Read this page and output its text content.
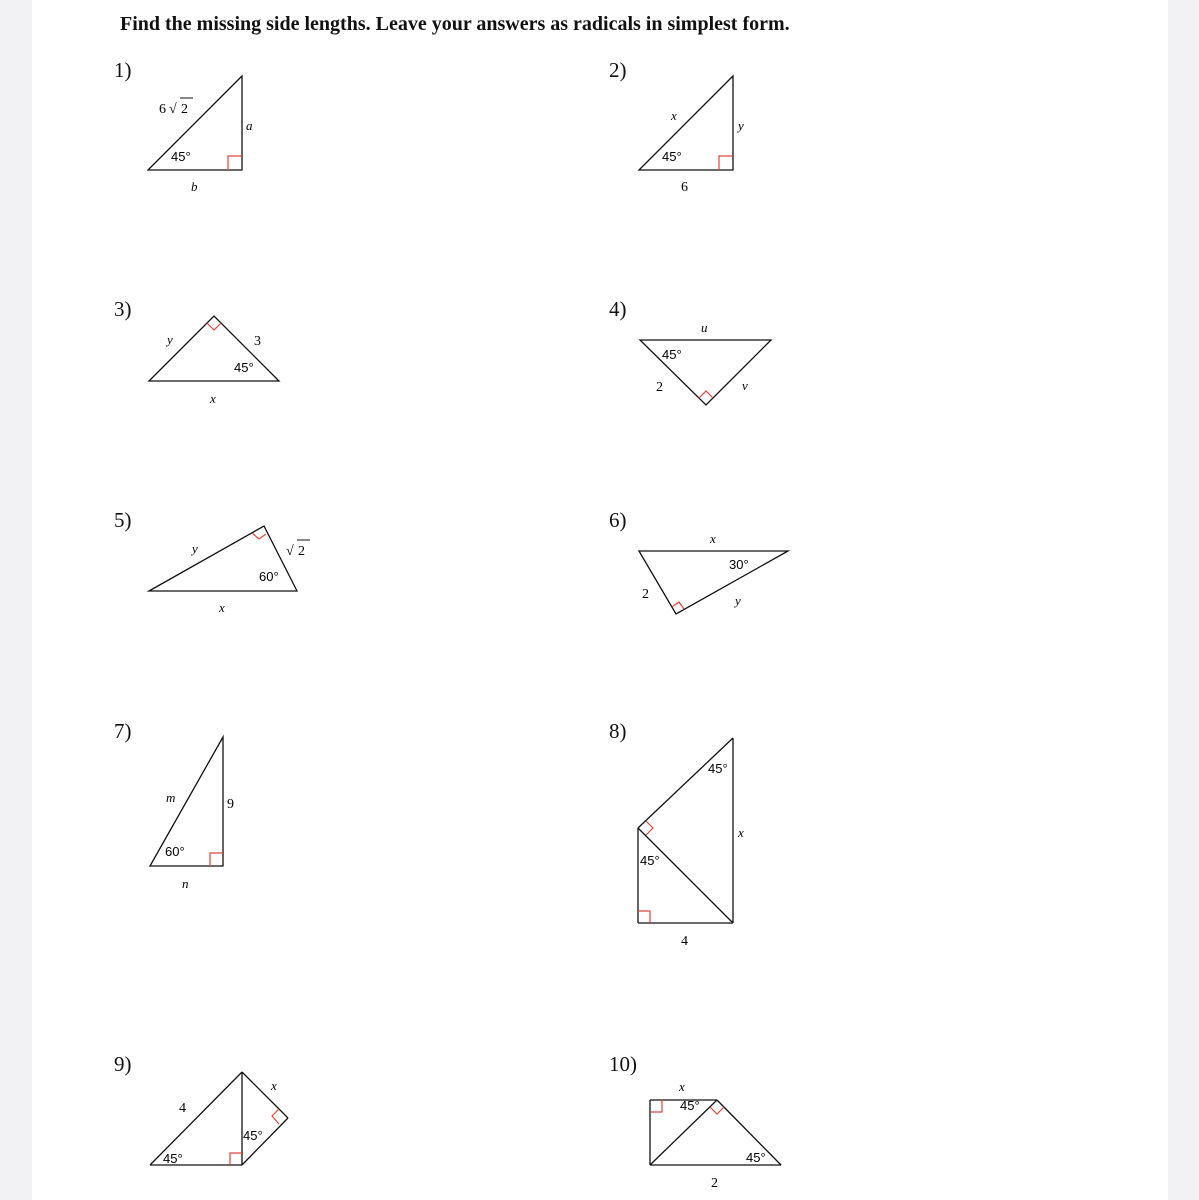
Find the missing side lengths. Leave your answers as radicals in simplest form.
1)	2)
3)	4)
5)	6)
7)	8)
9)	10)
6 √ 2
a
b
45°
x
y
6
45°
y	3
x
45°
u
2	v
45°
y	√ 2
x
60°
x
2	y
30°
m	9
n
60°
x
4
45°
45°
4
x
45°
45°
x
2
45°
45°
